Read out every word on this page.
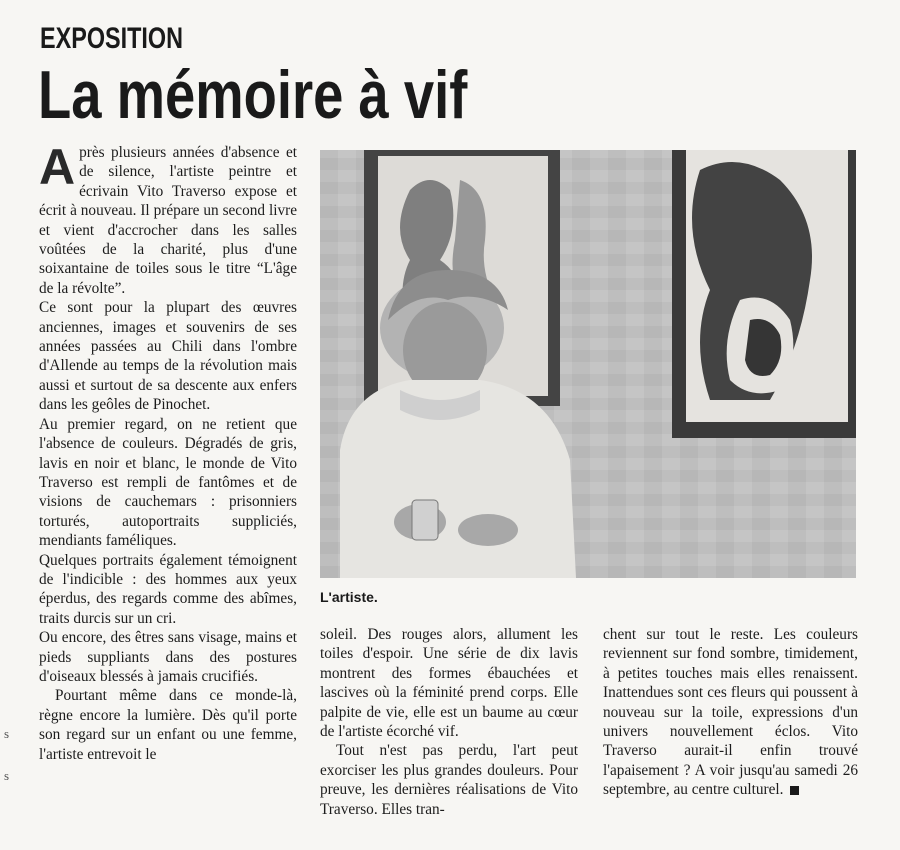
EXPOSITION
La mémoire à vif

Après plusieurs années d'absence et de silence, l'artiste peintre et écrivain Vito Traverso expose et écrit à nouveau. Il prépare un second livre et vient d'accrocher dans les salles voûtées de la charité, plus d'une soixantaine de toiles sous le titre “L'âge de la révolte”.

Ce sont pour la plupart des œuvres anciennes, images et souvenirs de ses années passées au Chili dans l'ombre d'Allende au temps de la révolution mais aussi et surtout de sa descente aux enfers dans les geôles de Pinochet.

Au premier regard, on ne retient que l'absence de couleurs. Dégradés de gris, lavis en noir et blanc, le monde de Vito Traverso est rempli de fantômes et de visions de cauchemars : prisonniers torturés, autoportraits suppliciés, mendiants faméliques.

Quelques portraits également témoignent de l'indicible : des hommes aux yeux éperdus, des regards comme des abîmes, traits durcis sur un cri.

Ou encore, des êtres sans visage, mains et pieds suppliants dans des postures d'oiseaux blessés à jamais crucifiés.

Pourtant même dans ce monde-là, règne encore la lumière. Dès qu'il porte son regard sur un enfant ou une femme, l'artiste entrevoit le

L'artiste.

soleil. Des rouges alors, allument les toiles d'espoir. Une série de dix lavis montrent des formes ébauchées et lascives où la féminité prend corps. Elle palpite de vie, elle est un baume au cœur de l'artiste écorché vif.

Tout n'est pas perdu, l'art peut exorciser les plus grandes douleurs. Pour preuve, les dernières réalisations de Vito Traverso. Elles tran-

chent sur tout le reste. Les couleurs reviennent sur fond sombre, timidement, à petites touches mais elles renaissent. Inattendues sont ces fleurs qui poussent à nouveau sur la toile, expressions d'un univers nouvellement éclos. Vito Traverso aurait-il enfin trouvé l'apaisement ? A voir jusqu'au samedi 26 septembre, au centre culturel.

s
s
